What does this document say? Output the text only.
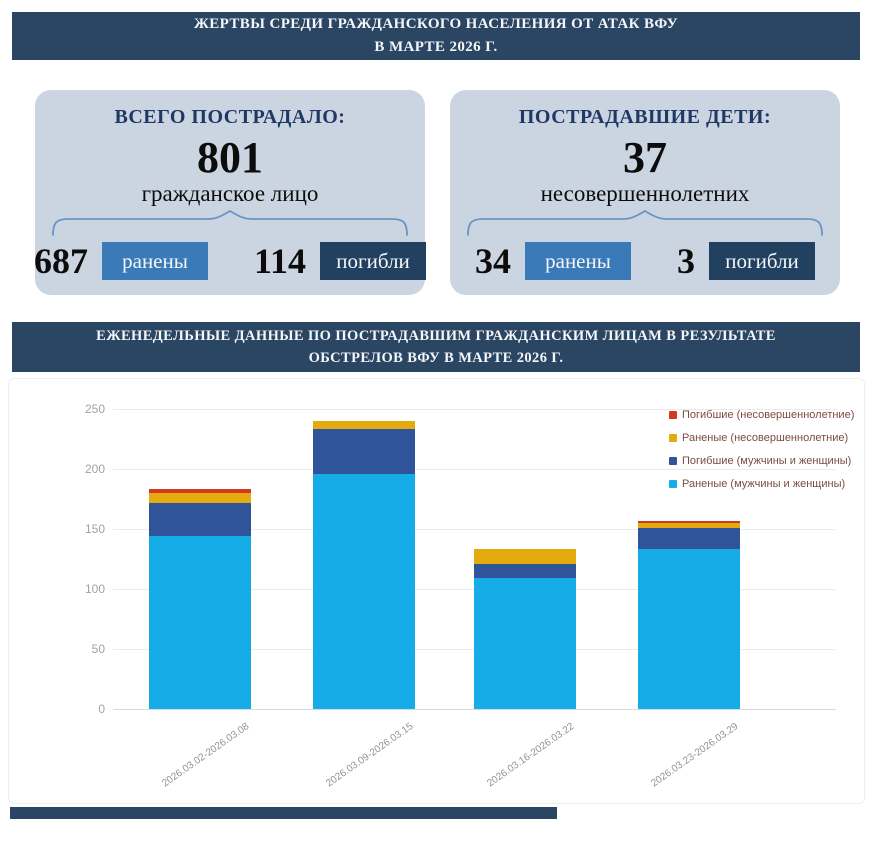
ЖЕРТВЫ СРЕДИ ГРАЖДАНСКОГО НАСЕЛЕНИЯ ОТ АТАК ВФУ
В МАРТЕ 2026 Г.
ВСЕГО ПОСТРАДАЛО:
801
гражданское лицо
687	ранены	114	погибли
ПОСТРАДАВШИЕ ДЕТИ:
37
несовершеннолетних
34	ранены	3	погибли
ЕЖЕНЕДЕЛЬНЫЕ ДАННЫЕ ПО ПОСТРАДАВШИМ ГРАЖДАНСКИМ ЛИЦАМ В РЕЗУЛЬТАТЕ
ОБСТРЕЛОВ ВФУ В МАРТЕ 2026 Г.
0
50
100
150
200
250
2026.03.02-2026.03.08	2026.03.09-2026.03.15	2026.03.16-2026.03.22	2026.03.23-2026.03.29
Погибшие (несовершеннолетние)
Раненые (несовершеннолетние)
Погибшие (мужчины и женщины)
Раненые (мужчины и женщины)
